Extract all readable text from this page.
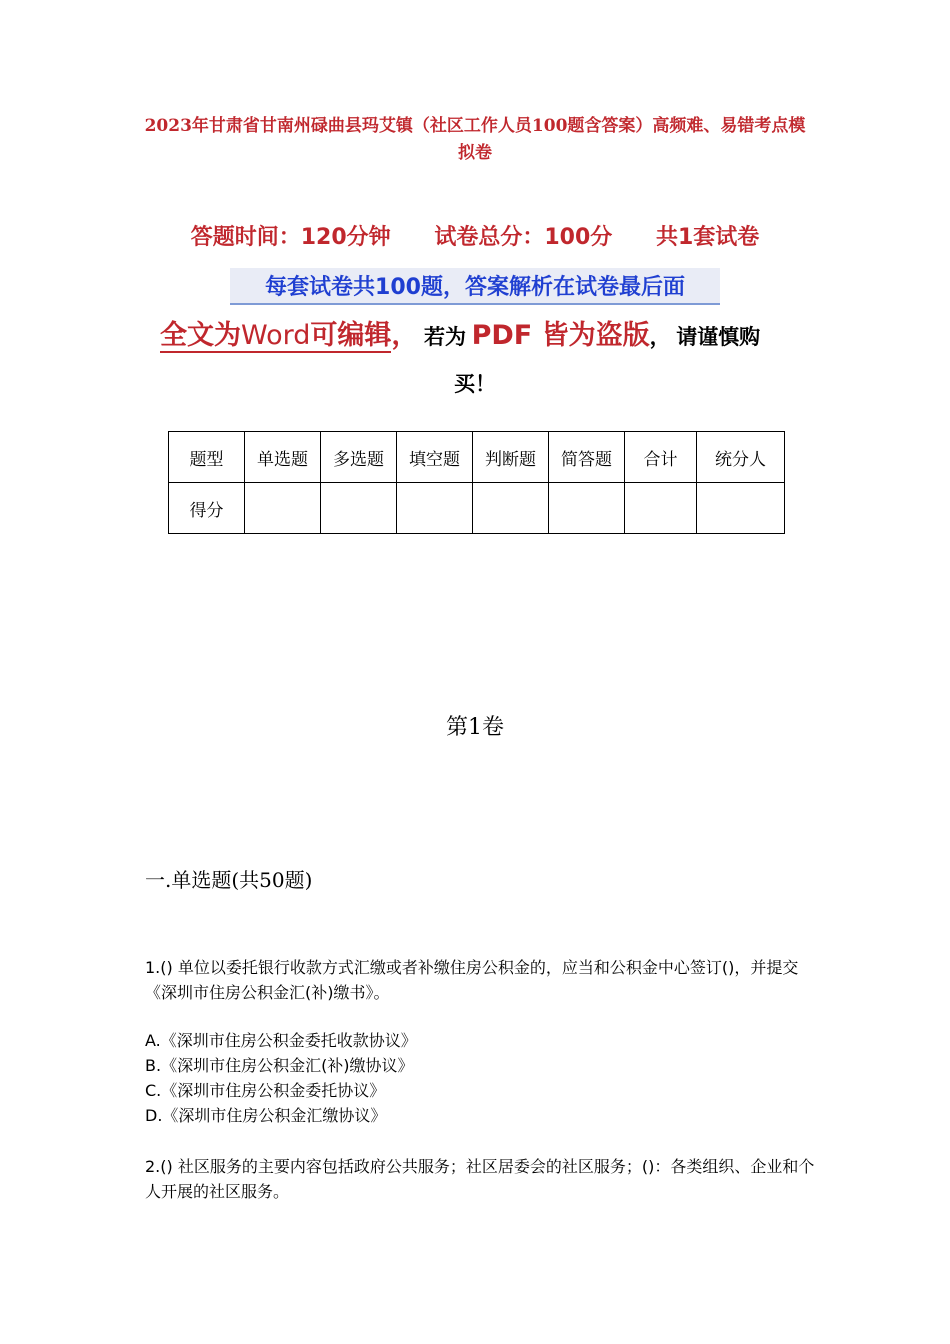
2023年甘肃省甘南州碌曲县玛艾镇（社区工作人员100题含答案）高频难、易错考点模拟卷
答题时间：120分钟 试卷总分：100分 共1套试卷
每套试卷共100题，答案解析在试卷最后面
全文为Word可编辑， 若为 PDF 皆为盗版， 请谨慎购
买！
题型	单选题	多选题	填空题	判断题	简答题	合计	统分人
得分							
第1卷
一.单选题(共50题)
1.() 单位以委托银行收款方式汇缴或者补缴住房公积金的，应当和公积金中心签订()，并提交《深圳市住房公积金汇(补)缴书》。
A.《深圳市住房公积金委托收款协议》
B.《深圳市住房公积金汇(补)缴协议》
C.《深圳市住房公积金委托协议》
D.《深圳市住房公积金汇缴协议》
2.() 社区服务的主要内容包括政府公共服务；社区居委会的社区服务；()：各类组织、企业和个人开展的社区服务。
